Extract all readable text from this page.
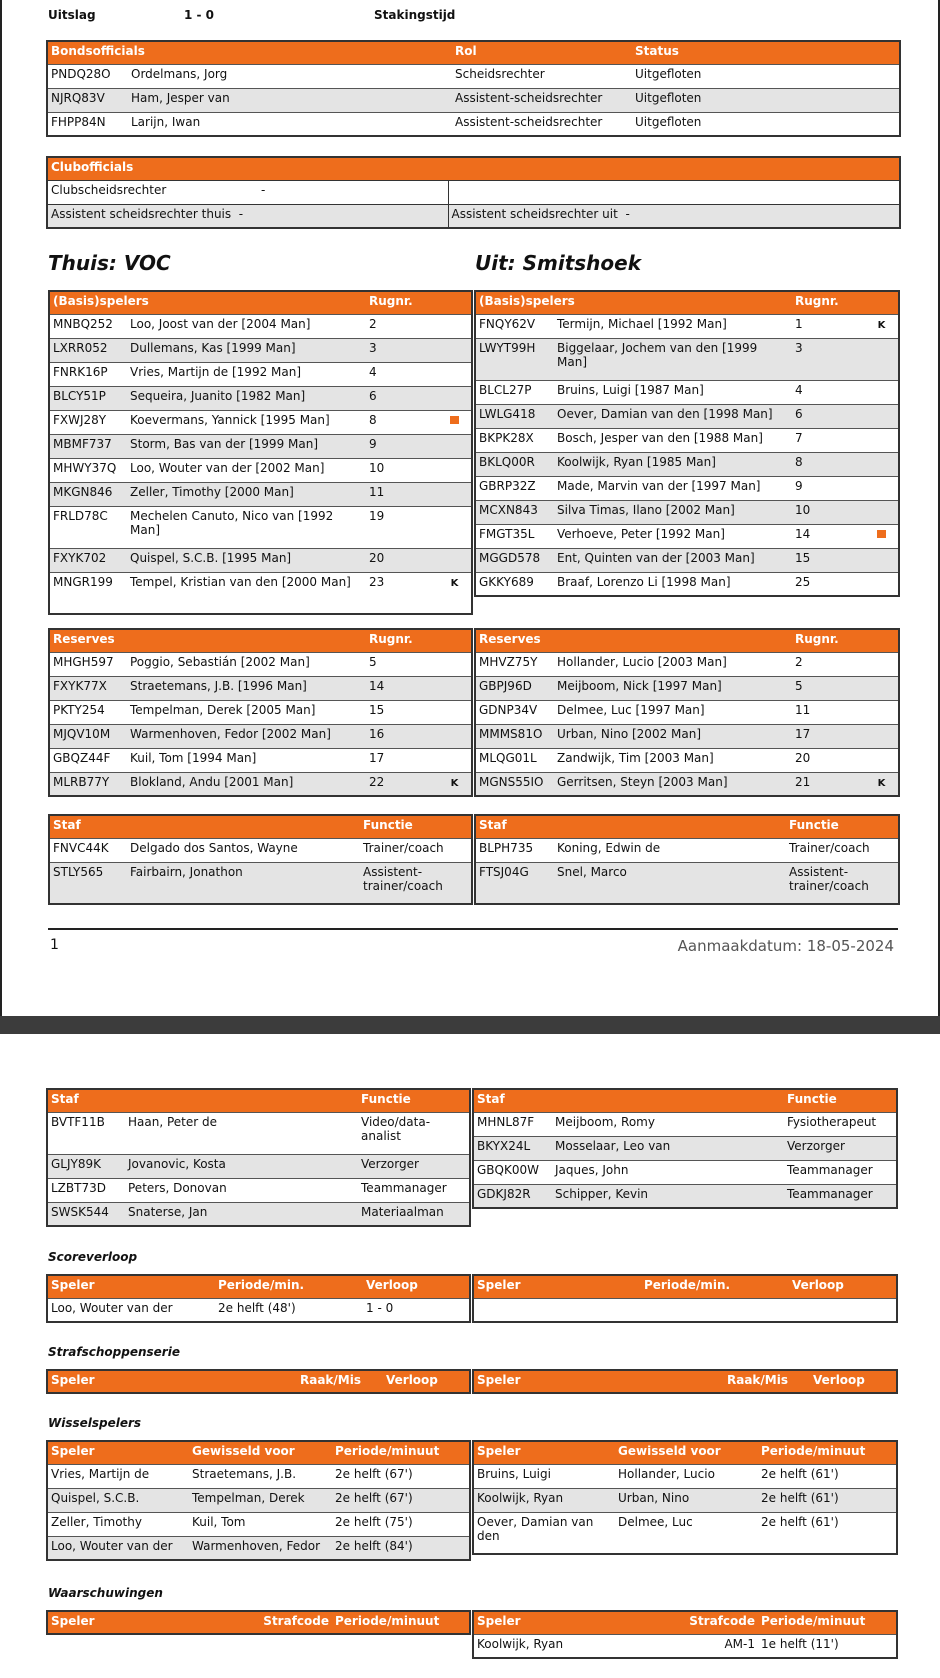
Uitslag	1 - 0	Stakingstijd
Bondsofficials	Rol	Status
PNDQ28O Ordelmans, Jorg	Scheidsrechter	Uitgefloten
NJRQ83V Ham, Jesper van	Assistent-scheidsrechter	Uitgefloten
FHPP84N Larijn, Iwan	Assistent-scheidsrechter	Uitgefloten
Clubofficials	
Clubscheidsrechter -	
Assistent scheidsrechter thuis -	Assistent scheidsrechter uit -
Thuis: VOC	Uit: Smitshoek
(Basis)spelers		Rugnr.	
MNBQ252	Loo, Joost van der [2004 Man]	2	
LXRR052	Dullemans, Kas [1999 Man]	3	
FNRK16P	Vries, Martijn de [1992 Man]	4	
BLCY51P	Sequeira, Juanito [1982 Man]	6	
FXWJ28Y	Koevermans, Yannick [1995 Man]	8	
MBMF737	Storm, Bas van der [1999 Man]	9	
MHWY37Q	Loo, Wouter van der [2002 Man]	10	
MKGN846	Zeller, Timothy [2000 Man]	11	
FRLD78C	Mechelen Canuto, Nico van [1992 Man]	19	
FXYK702	Quispel, S.C.B. [1995 Man]	20	
MNGR199	Tempel, Kristian van den [2000 Man]	23	K
(Basis)spelers		Rugnr.	
FNQY62V	Termijn, Michael [1992 Man]	1	K
LWYT99H	Biggelaar, Jochem van den [1999 Man]	3	
BLCL27P	Bruins, Luigi [1987 Man]	4	
LWLG418	Oever, Damian van den [1998 Man]	6	
BKPK28X	Bosch, Jesper van den [1988 Man]	7	
BKLQ00R	Koolwijk, Ryan [1985 Man]	8	
GBRP32Z	Made, Marvin van der [1997 Man]	9	
MCXN843	Silva Timas, Ilano [2002 Man]	10	
FMGT35L	Verhoeve, Peter [1992 Man]	14	
MGGD578	Ent, Quinten van der [2003 Man]	15	
GKKY689	Braaf, Lorenzo Li [1998 Man]	25	
Reserves		Rugnr.	
MHGH597	Poggio, Sebastián [2002 Man]	5	
FXYK77X	Straetemans, J.B. [1996 Man]	14	
PKTY254	Tempelman, Derek [2005 Man]	15	
MJQV10M	Warmenhoven, Fedor [2002 Man]	16	
GBQZ44F	Kuil, Tom [1994 Man]	17	
MLRB77Y	Blokland, Andu [2001 Man]	22	K
Reserves		Rugnr.	
MHVZ75Y	Hollander, Lucio [2003 Man]	2	
GBPJ96D	Meijboom, Nick [1997 Man]	5	
GDNP34V	Delmee, Luc [1997 Man]	11	
MMMS81O	Urban, Nino [2002 Man]	17	
MLQG01L	Zandwijk, Tim [2003 Man]	20	
MGNS55IO	Gerritsen, Steyn [2003 Man]	21	K
Staf		Functie
FNVC44K	Delgado dos Santos, Wayne	Trainer/coach
STLY565	Fairbairn, Jonathon	Assistent-trainer/coach
Staf		Functie
BLPH735	Koning, Edwin de	Trainer/coach
FTSJ04G	Snel, Marco	Assistent-trainer/coach
1	Aanmaakdatum: 18-05-2024
Staf		Functie
BVTF11B	Haan, Peter de	Video/data-analist
GLJY89K	Jovanovic, Kosta	Verzorger
LZBT73D	Peters, Donovan	Teammanager
SWSK544	Snaterse, Jan	Materiaalman
Staf		Functie
MHNL87F	Meijboom, Romy	Fysiotherapeut
BKYX24L	Mosselaar, Leo van	Verzorger
GBQK00W	Jaques, John	Teammanager
GDKJ82R	Schipper, Kevin	Teammanager
Scoreverloop
Speler	Periode/min.	Verloop
Loo, Wouter van der	2e helft (48')	1 - 0
Speler	Periode/min.	Verloop

Strafschoppenserie
Speler	Raak/Mis	Verloop	Speler	Raak/Mis	Verloop
Wisselspelers
Speler	Gewisseld voor	Periode/minuut
Vries, Martijn de	Straetemans, J.B.	2e helft (67')
Quispel, S.C.B.	Tempelman, Derek	2e helft (67')
Zeller, Timothy	Kuil, Tom	2e helft (75')
Loo, Wouter van der	Warmenhoven, Fedor	2e helft (84')
Speler	Gewisseld voor	Periode/minuut
Bruins, Luigi	Hollander, Lucio	2e helft (61')
Koolwijk, Ryan	Urban, Nino	2e helft (61')
Oever, Damian van den	Delmee, Luc	2e helft (61')
Waarschuwingen
Speler	Strafcode	Periode/minuut	Speler	Strafcode	Periode/minuut
Koolwijk, Ryan	AM-1	1e helft (11')
